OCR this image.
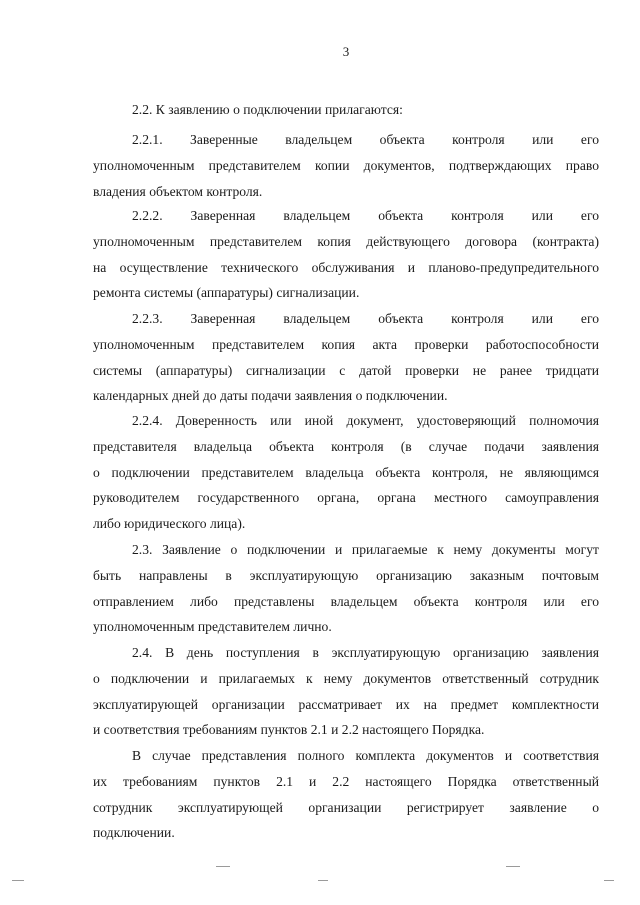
3
2.2. К заявлению о подключении прилагаются:
2.2.1. Заверенные владельцем объекта контроля или его
уполномоченным представителем копии документов, подтверждающих право
владения объектом контроля.
2.2.2. Заверенная владельцем объекта контроля или его
уполномоченным представителем копия действующего договора (контракта)
на осуществление технического обслуживания и планово-предупредительного
ремонта системы (аппаратуры) сигнализации.
2.2.3. Заверенная владельцем объекта контроля или его
уполномоченным представителем копия акта проверки работоспособности
системы (аппаратуры) сигнализации с датой проверки не ранее тридцати
календарных дней до даты подачи заявления о подключении.
2.2.4. Доверенность или иной документ, удостоверяющий полномочия
представителя владельца объекта контроля (в случае подачи заявления
о подключении представителем владельца объекта контроля, не являющимся
руководителем государственного органа, органа местного самоуправления
либо юридического лица).
2.3. Заявление о подключении и прилагаемые к нему документы могут
быть направлены в эксплуатирующую организацию заказным почтовым
отправлением либо представлены владельцем объекта контроля или его
уполномоченным представителем лично.
2.4. В день поступления в эксплуатирующую организацию заявления
о подключении и прилагаемых к нему документов ответственный сотрудник
эксплуатирующей организации рассматривает их на предмет комплектности
и соответствия требованиям пунктов 2.1 и 2.2 настоящего Порядка.
В случае представления полного комплекта документов и соответствия
их требованиям пунктов 2.1 и 2.2 настоящего Порядка ответственный
сотрудник эксплуатирующей организации регистрирует заявление о
подключении.
